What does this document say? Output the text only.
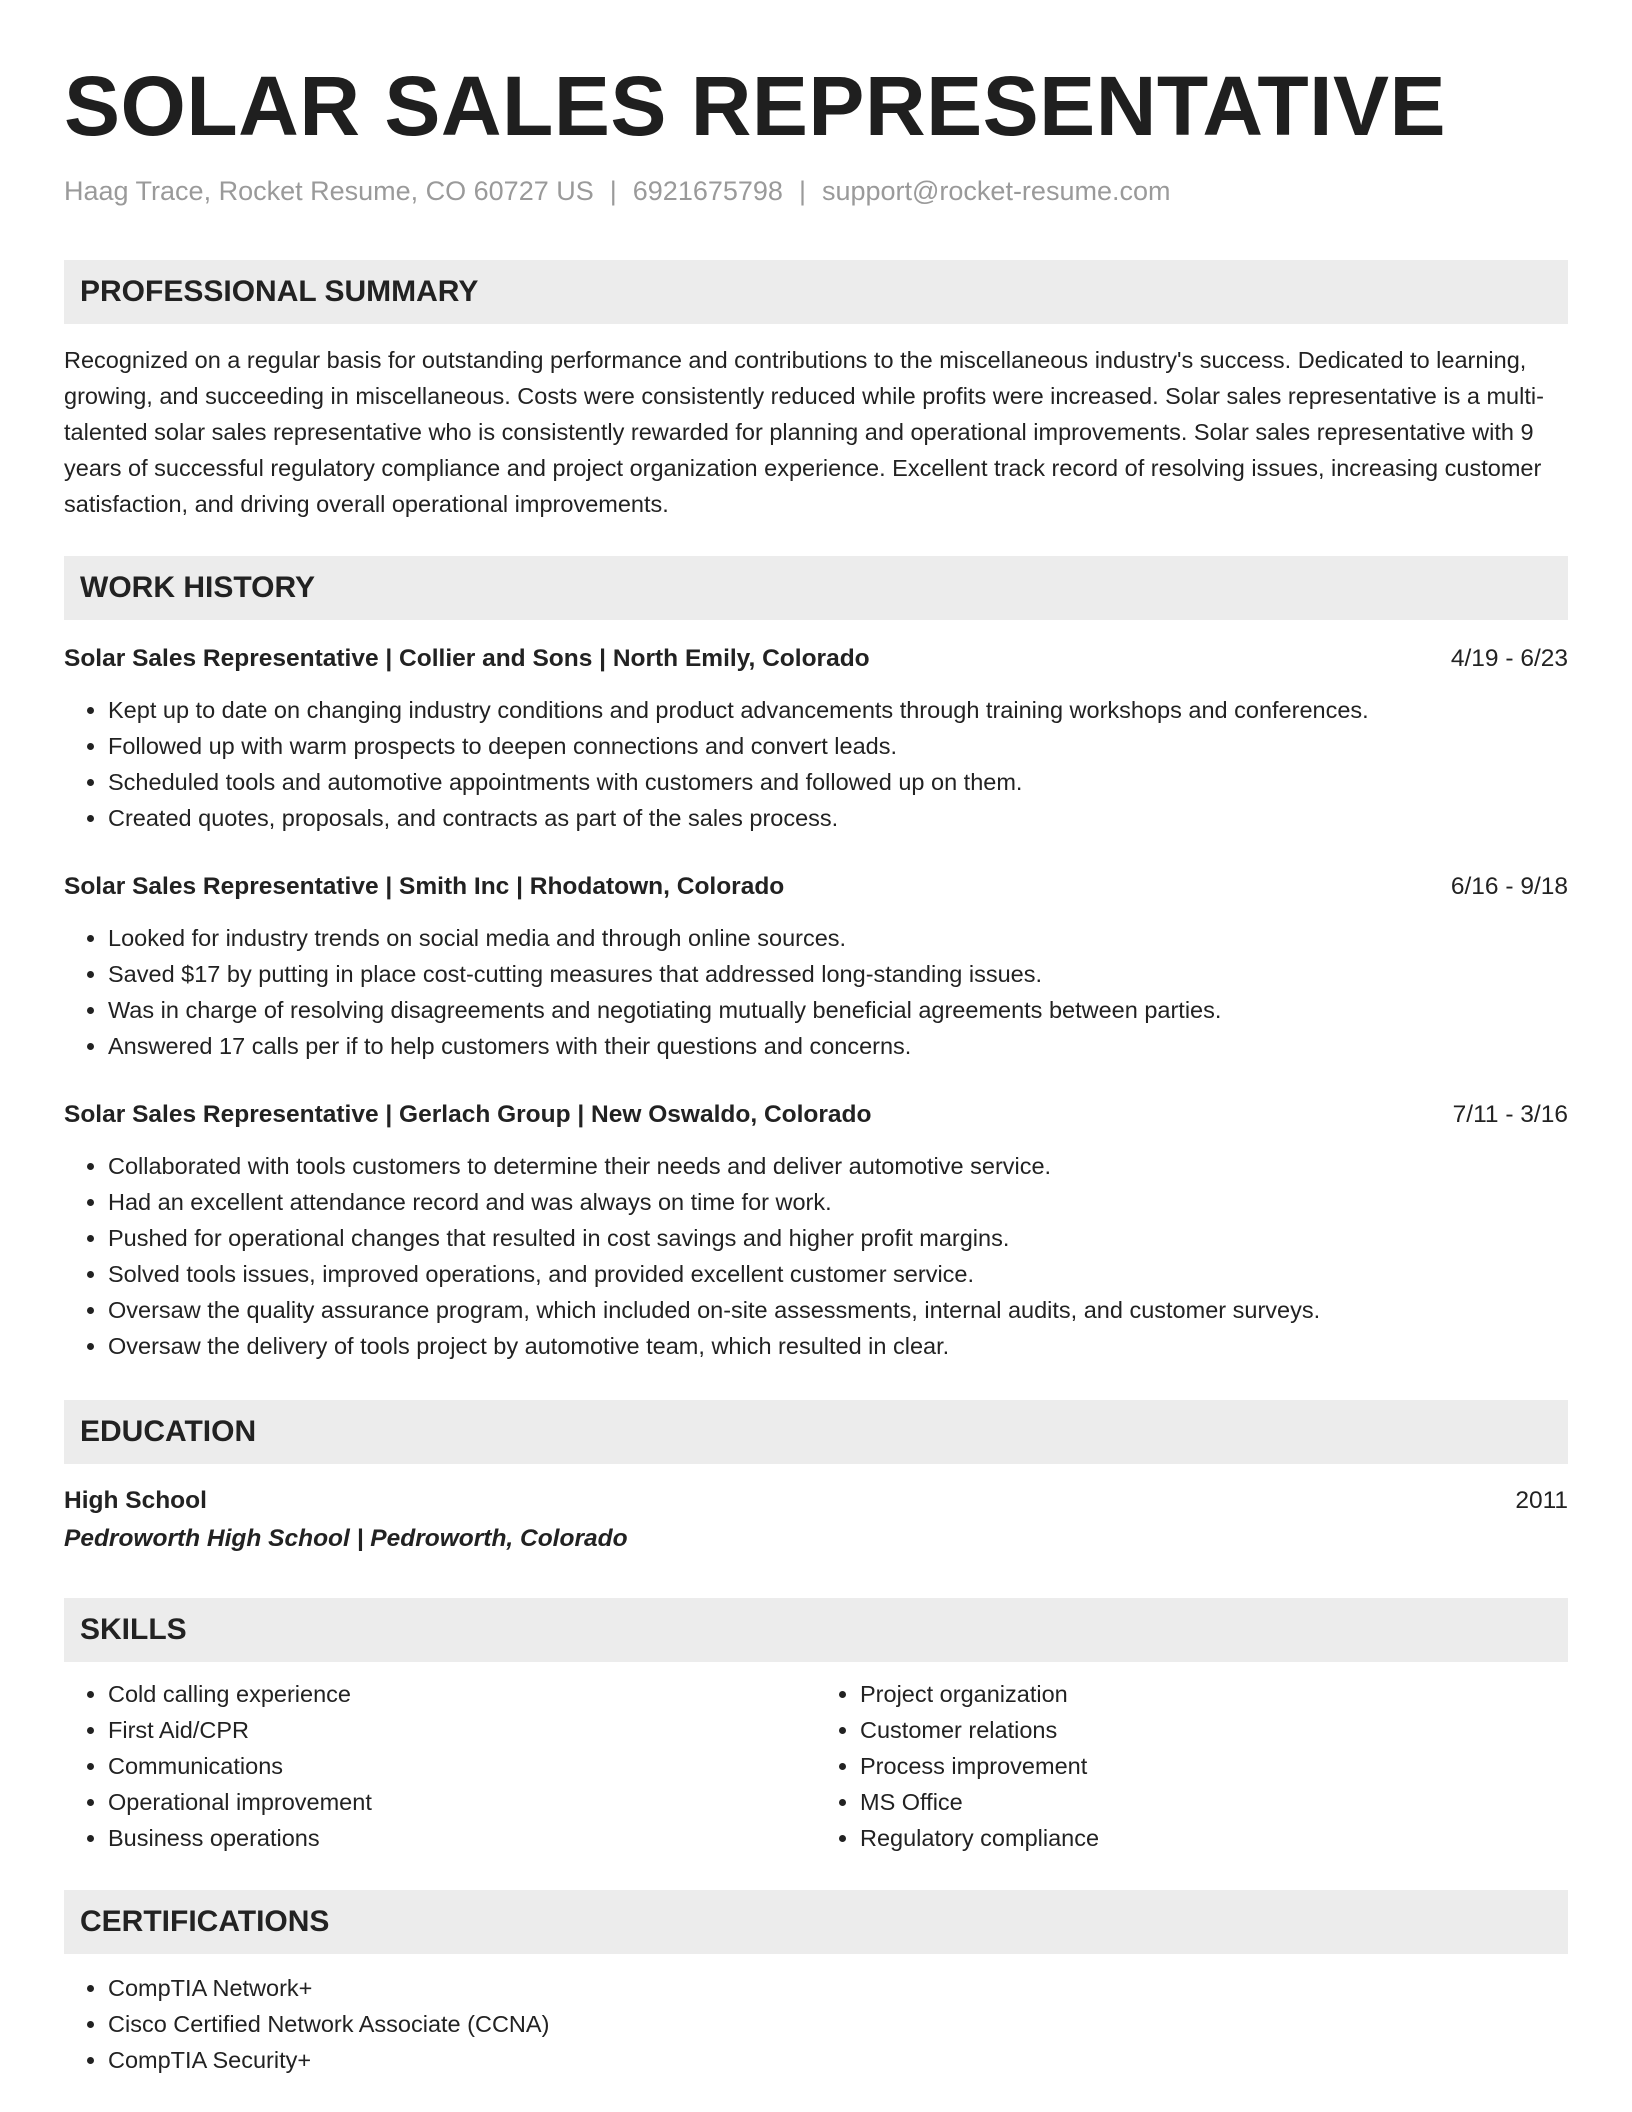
SOLAR SALES REPRESENTATIVE
Haag Trace, Rocket Resume, CO 60727 US | 6921675798 | support@rocket-resume.com
PROFESSIONAL SUMMARY
Recognized on a regular basis for outstanding performance and contributions to the miscellaneous industry's success. Dedicated to learning, growing, and succeeding in miscellaneous. Costs were consistently reduced while profits were increased. Solar sales representative is a multi-talented solar sales representative who is consistently rewarded for planning and operational improvements. Solar sales representative with 9 years of successful regulatory compliance and project organization experience. Excellent track record of resolving issues, increasing customer satisfaction, and driving overall operational improvements.
WORK HISTORY
Solar Sales Representative | Collier and Sons | North Emily, Colorado	4/19 - 6/23
• Kept up to date on changing industry conditions and product advancements through training workshops and conferences.
• Followed up with warm prospects to deepen connections and convert leads.
• Scheduled tools and automotive appointments with customers and followed up on them.
• Created quotes, proposals, and contracts as part of the sales process.
Solar Sales Representative | Smith Inc | Rhodatown, Colorado	6/16 - 9/18
• Looked for industry trends on social media and through online sources.
• Saved $17 by putting in place cost-cutting measures that addressed long-standing issues.
• Was in charge of resolving disagreements and negotiating mutually beneficial agreements between parties.
• Answered 17 calls per if to help customers with their questions and concerns.
Solar Sales Representative | Gerlach Group | New Oswaldo, Colorado	7/11 - 3/16
• Collaborated with tools customers to determine their needs and deliver automotive service.
• Had an excellent attendance record and was always on time for work.
• Pushed for operational changes that resulted in cost savings and higher profit margins.
• Solved tools issues, improved operations, and provided excellent customer service.
• Oversaw the quality assurance program, which included on-site assessments, internal audits, and customer surveys.
• Oversaw the delivery of tools project by automotive team, which resulted in clear.
EDUCATION
High School	2011
Pedroworth High School | Pedroworth, Colorado
SKILLS
• Cold calling experience
• First Aid/CPR
• Communications
• Operational improvement
• Business operations
• Project organization
• Customer relations
• Process improvement
• MS Office
• Regulatory compliance
CERTIFICATIONS
• CompTIA Network+
• Cisco Certified Network Associate (CCNA)
• CompTIA Security+
